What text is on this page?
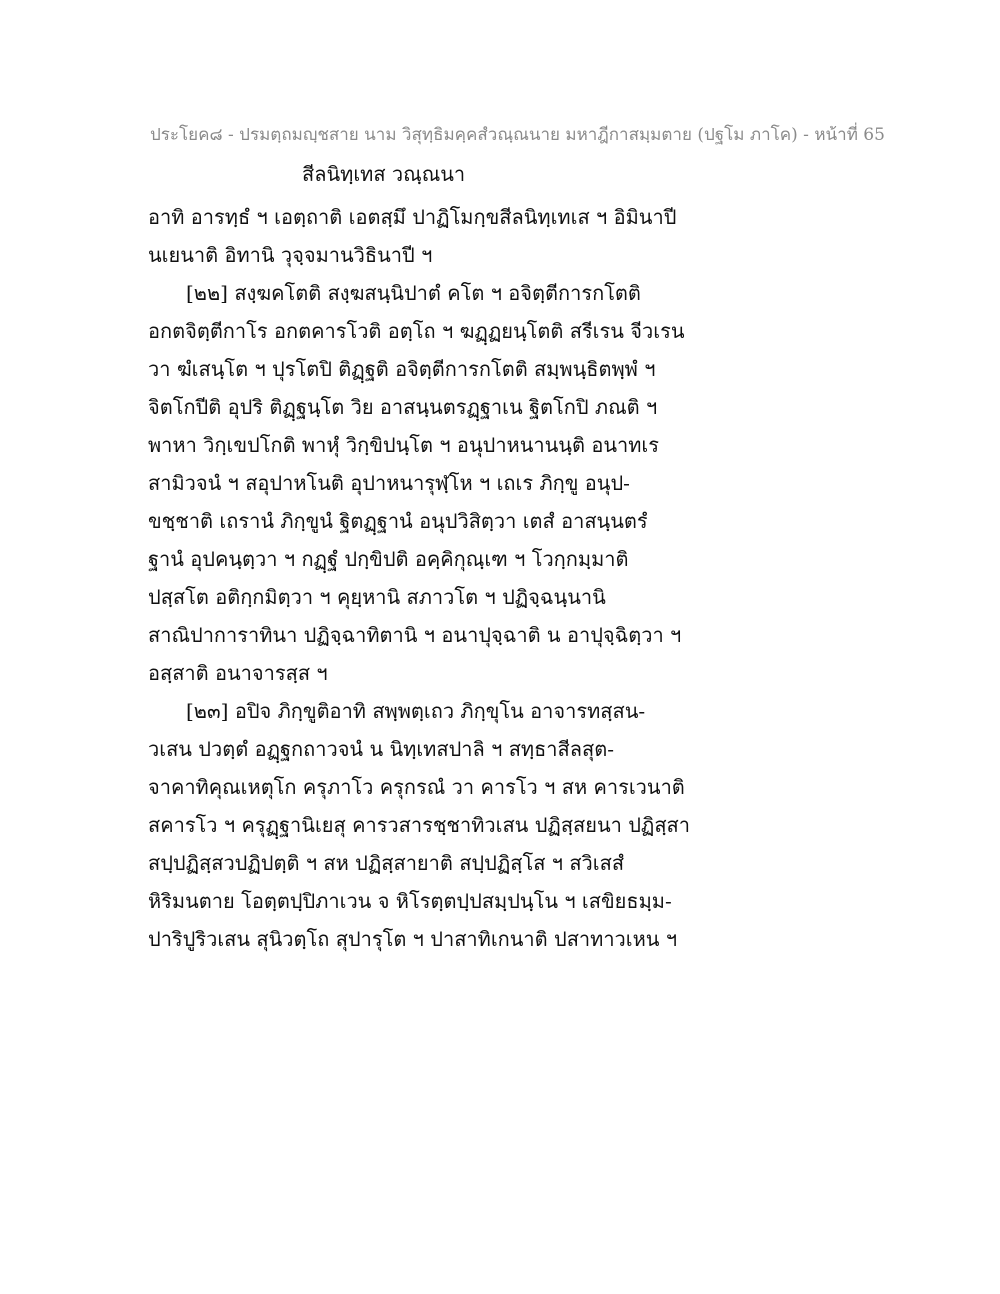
ประโยค๘ - ปรมตฺถมญฺชสาย นาม วิสุทฺธิมคฺคสํวณฺณนาย มหาฎีกาสมฺมตาย (ปฐโม ภาโค) - หน้าที่ 65
สีลนิทฺเทส วณฺณนา
อาทิ อารทฺธํ ฯ เอตฺถาติ เอตสฺมึ ปาฏิโมกฺขสีลนิทฺเทเส ฯ อิมินาปี
นเยนาติ อิทานิ วุจฺจมานวิธินาปี ฯ
[๒๒] สงฺฆคโตติ สงฺฆสนฺนิปาตํ คโต ฯ อจิตฺตีการกโตติ
อกตจิตฺตีกาโร อกตคารโวติ อตฺโถ ฯ ฆฏฺฏยนฺโตติ สรีเรน จีวเรน
วา ฆํเสนฺโต ฯ ปุรโตปิ ติฏฺฐติ อจิตฺตีการกโตติ สมฺพนฺธิตพฺพํ ฯ
จิตโกปีติ อุปริ ติฏฺฐนฺโต วิย อาสนฺนตรฏฺฐาเน ฐิตโกปิ ภณติ ฯ
พาหา วิกฺเขปโกติ พาหุํ วิกฺขิปนฺโต ฯ อนุปาหนานนฺติ อนาทเร
สามิวจนํ ฯ สอุปาหโนติ อุปาหนารุฬฺโห ฯ เถเร ภิกฺขู อนุป-
ขชฺชาติ เถรานํ ภิกฺขูนํ ฐิตฏฺฐานํ อนุปวิสิตฺวา เตสํ อาสนฺนตรํ
ฐานํ อุปคนฺตฺวา ฯ กฏฺฐํ ปกฺขิปติ อคฺคิกุณฺเฑ ฯ โวกฺกมฺมาติ
ปสฺสโต อติกฺกมิตฺวา ฯ คุยฺหานิ สภาวโต ฯ ปฏิจฺฉนฺนานิ
สาณิปาการาทินา ปฏิจฺฉาทิตานิ ฯ อนาปุจฺฉาติ น อาปุจฺฉิตฺวา ฯ
อสฺสาติ อนาจารสฺส ฯ
[๒๓] อปิจ ภิกฺขูติอาทิ สพฺพตฺเถว ภิกฺขุโน อาจารทสฺสน-
วเสน ปวตฺตํ อฏฺฐกถาวจนํ น นิทฺเทสปาลิ ฯ สทฺธาสีลสุต-
จาคาทิคุณเหตุโก ครุภาโว ครุกรณํ วา คารโว ฯ สห คารเวนาติ
สคารโว ฯ ครุฏฺฐานิเยสุ คารวสารชฺชาทิวเสน ปฏิสฺสยนา ปฏิสฺสา
สปฺปฏิสฺสวปฏิปตฺติ ฯ สห ปฏิสฺสายาติ สปฺปฏิสฺโส ฯ สวิเสสํ
หิริมนตาย โอตฺตปฺปิภาเวน จ หิโรตฺตปฺปสมฺปนฺโน ฯ เสขิยธมฺม-
ปาริปูริวเสน สุนิวตฺโถ สุปารุโต ฯ ปาสาทิเกนาติ ปสาทาวเหน ฯ
